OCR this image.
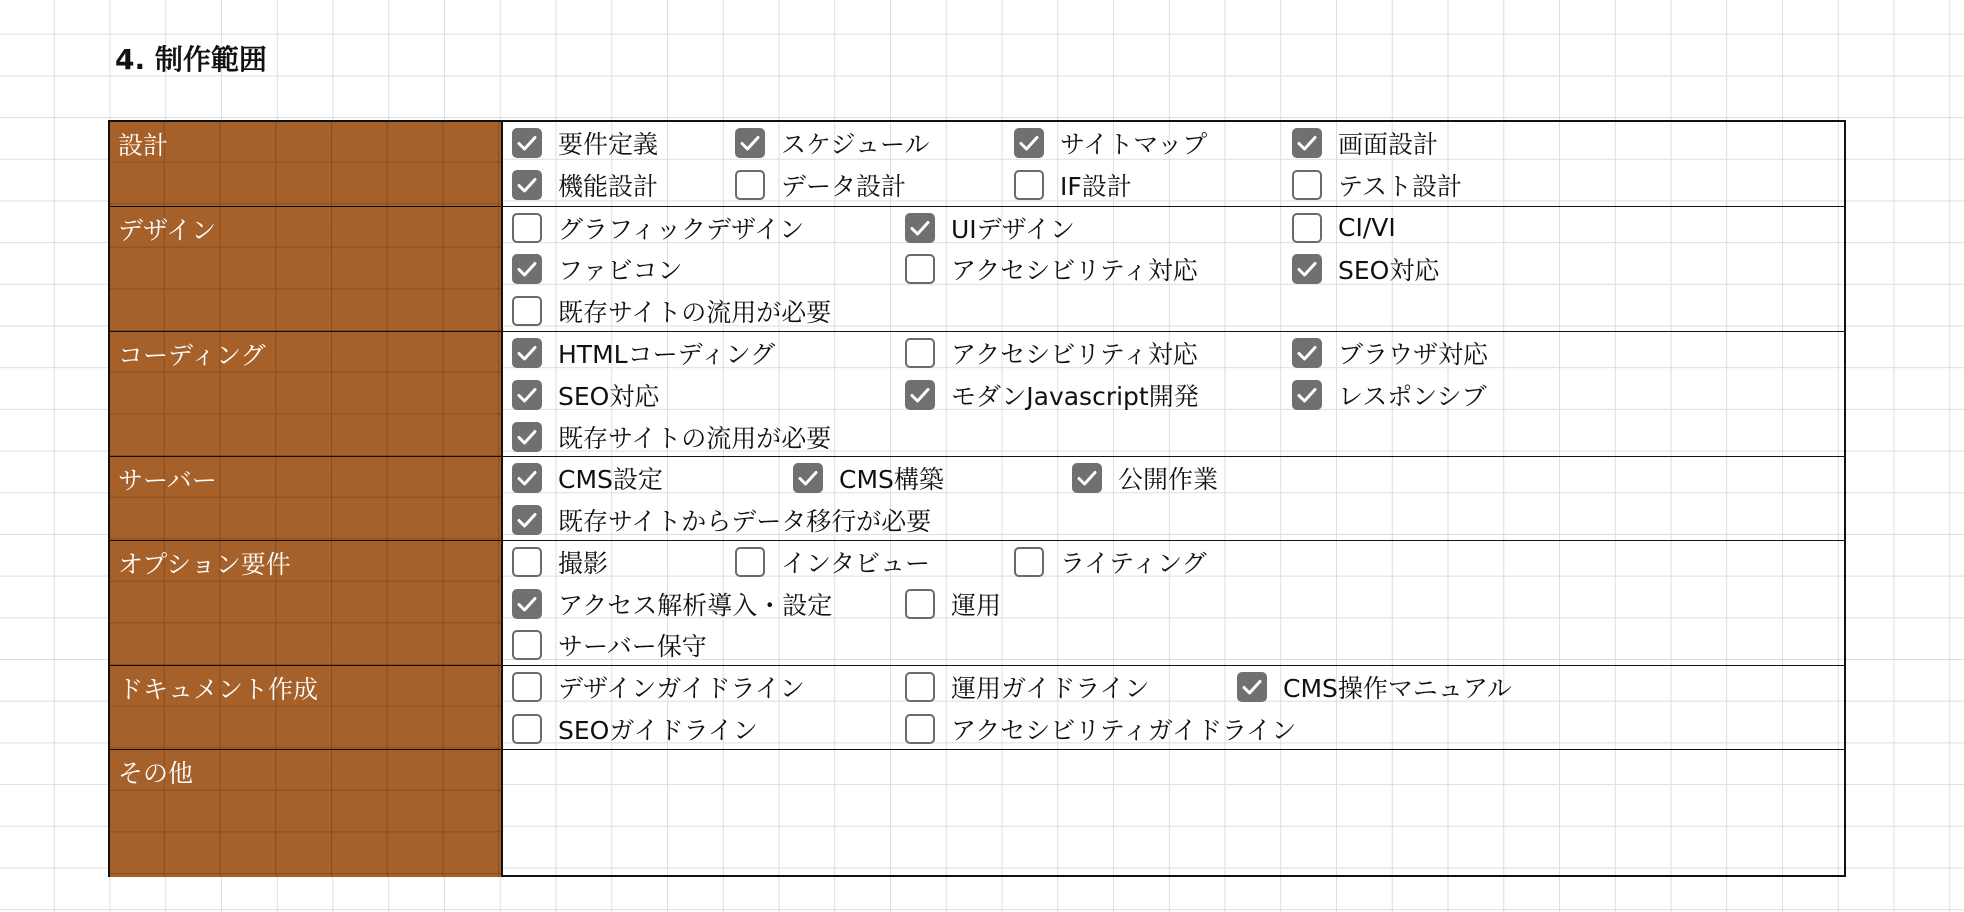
4. 制作範囲
設計	要件定義	スケジュール	サイトマップ	画面設計
機能設計	データ設計	IF設計	テスト設計
デザイン	グラフィックデザイン	UIデザイン	CI/VI
ファビコン	アクセシビリティ対応	SEO対応
既存サイトの流用が必要
コーディング	HTMLコーディング	アクセシビリティ対応	ブラウザ対応
SEO対応	モダンJavascript開発	レスポンシブ
既存サイトの流用が必要
サーバー	CMS設定	CMS構築	公開作業
既存サイトからデータ移行が必要
オプション要件	撮影	インタビュー	ライティング
アクセス解析導入・設定	運用
サーバー保守
ドキュメント作成	デザインガイドライン	運用ガイドライン	CMS操作マニュアル
SEOガイドライン	アクセシビリティガイドライン
その他
